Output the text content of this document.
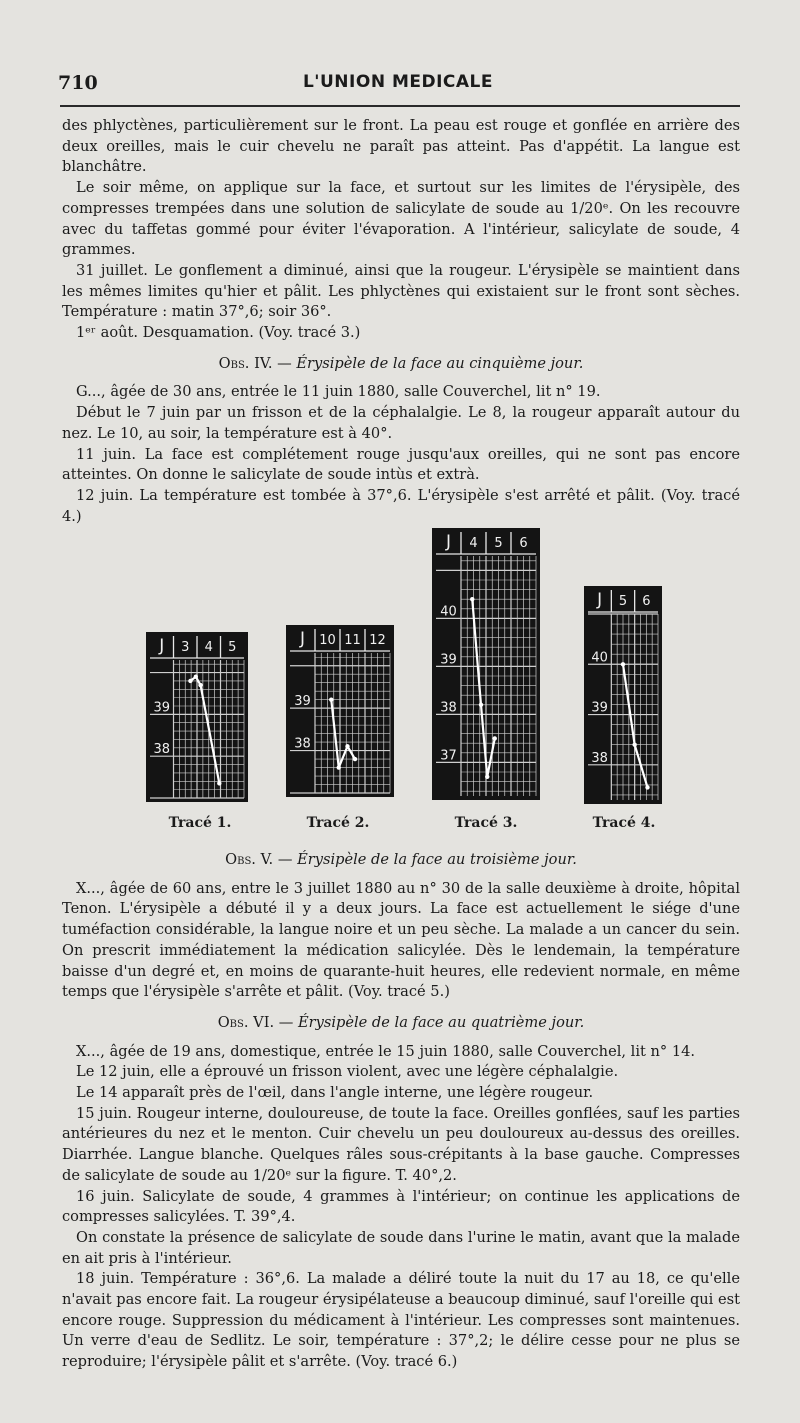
710	L'UNION MEDICALE

des phlyctènes, particulièrement sur le front. La peau est rouge et gonflée en arrière des deux oreilles, mais le cuir chevelu ne paraît pas atteint. Pas d'appétit. La langue est blanchâtre.

Le soir même, on applique sur la face, et surtout sur les limites de l'érysipèle, des compresses trempées dans une solution de salicylate de soude au 1/20ᵉ. On les recouvre avec du taffetas gommé pour éviter l'évaporation. A l'intérieur, salicylate de soude, 4 grammes.

31 juillet. Le gonflement a diminué, ainsi que la rougeur. L'érysipèle se maintient dans les mêmes limites qu'hier et pâlit. Les phlyctènes qui existaient sur le front sont sèches. Température : matin 37°,6; soir 36°.

1ᵉʳ août. Desquamation. (Voy. tracé 3.)

Obs. IV. — Érysipèle de la face au cinquième jour.

G..., âgée de 30 ans, entrée le 11 juin 1880, salle Couverchel, lit n° 19.

Début le 7 juin par un frisson et de la céphalalgie. Le 8, la rougeur apparaît autour du nez. Le 10, au soir, la température est à 40°.

11 juin. La face est complétement rouge jusqu'aux oreilles, qui ne sont pas encore atteintes. On donne le salicylate de soude intùs et extrà.

12 juin. La température est tombée à 37°,6. L'érysipèle s'est arrêté et pâlit. (Voy. tracé 4.)

J 3 4 5
39
38
J 10 11 12
39
38
J 4 5 6
40
39
38
37
J 5 6
40
39
38
Tracé 1.	Tracé 2.	Tracé 3.	Tracé 4.

Obs. V. — Érysipèle de la face au troisième jour.

X..., âgée de 60 ans, entre le 3 juillet 1880 au n° 30 de la salle deuxième à droite, hôpital Tenon. L'érysipèle a débuté il y a deux jours. La face est actuellement le siége d'une tuméfaction considérable, la langue noire et un peu sèche. La malade a un cancer du sein. On prescrit immédiatement la médication salicylée. Dès le lendemain, la température baisse d'un degré et, en moins de quarante-huit heures, elle redevient normale, en même temps que l'érysipèle s'arrête et pâlit. (Voy. tracé 5.)

Obs. VI. — Érysipèle de la face au quatrième jour.

X..., âgée de 19 ans, domestique, entrée le 15 juin 1880, salle Couverchel, lit n° 14.

Le 12 juin, elle a éprouvé un frisson violent, avec une légère céphalalgie.

Le 14 apparaît près de l'œil, dans l'angle interne, une légère rougeur.

15 juin. Rougeur interne, douloureuse, de toute la face. Oreilles gonflées, sauf les parties antérieures du nez et le menton. Cuir chevelu un peu douloureux au-dessus des oreilles. Diarrhée. Langue blanche. Quelques râles sous-crépitants à la base gauche. Compresses de salicylate de soude au 1/20ᵉ sur la figure. T. 40°,2.

16 juin. Salicylate de soude, 4 grammes à l'intérieur; on continue les applications de compresses salicylées. T. 39°,4.

On constate la présence de salicylate de soude dans l'urine le matin, avant que la malade en ait pris à l'intérieur.

18 juin. Température : 36°,6. La malade a déliré toute la nuit du 17 au 18, ce qu'elle n'avait pas encore fait. La rougeur érysipélateuse a beaucoup diminué, sauf l'oreille qui est encore rouge. Suppression du médicament à l'intérieur. Les compresses sont maintenues. Un verre d'eau de Sedlitz. Le soir, température : 37°,2; le délire cesse pour ne plus se reproduire; l'érysipèle pâlit et s'arrête. (Voy. tracé 6.)
